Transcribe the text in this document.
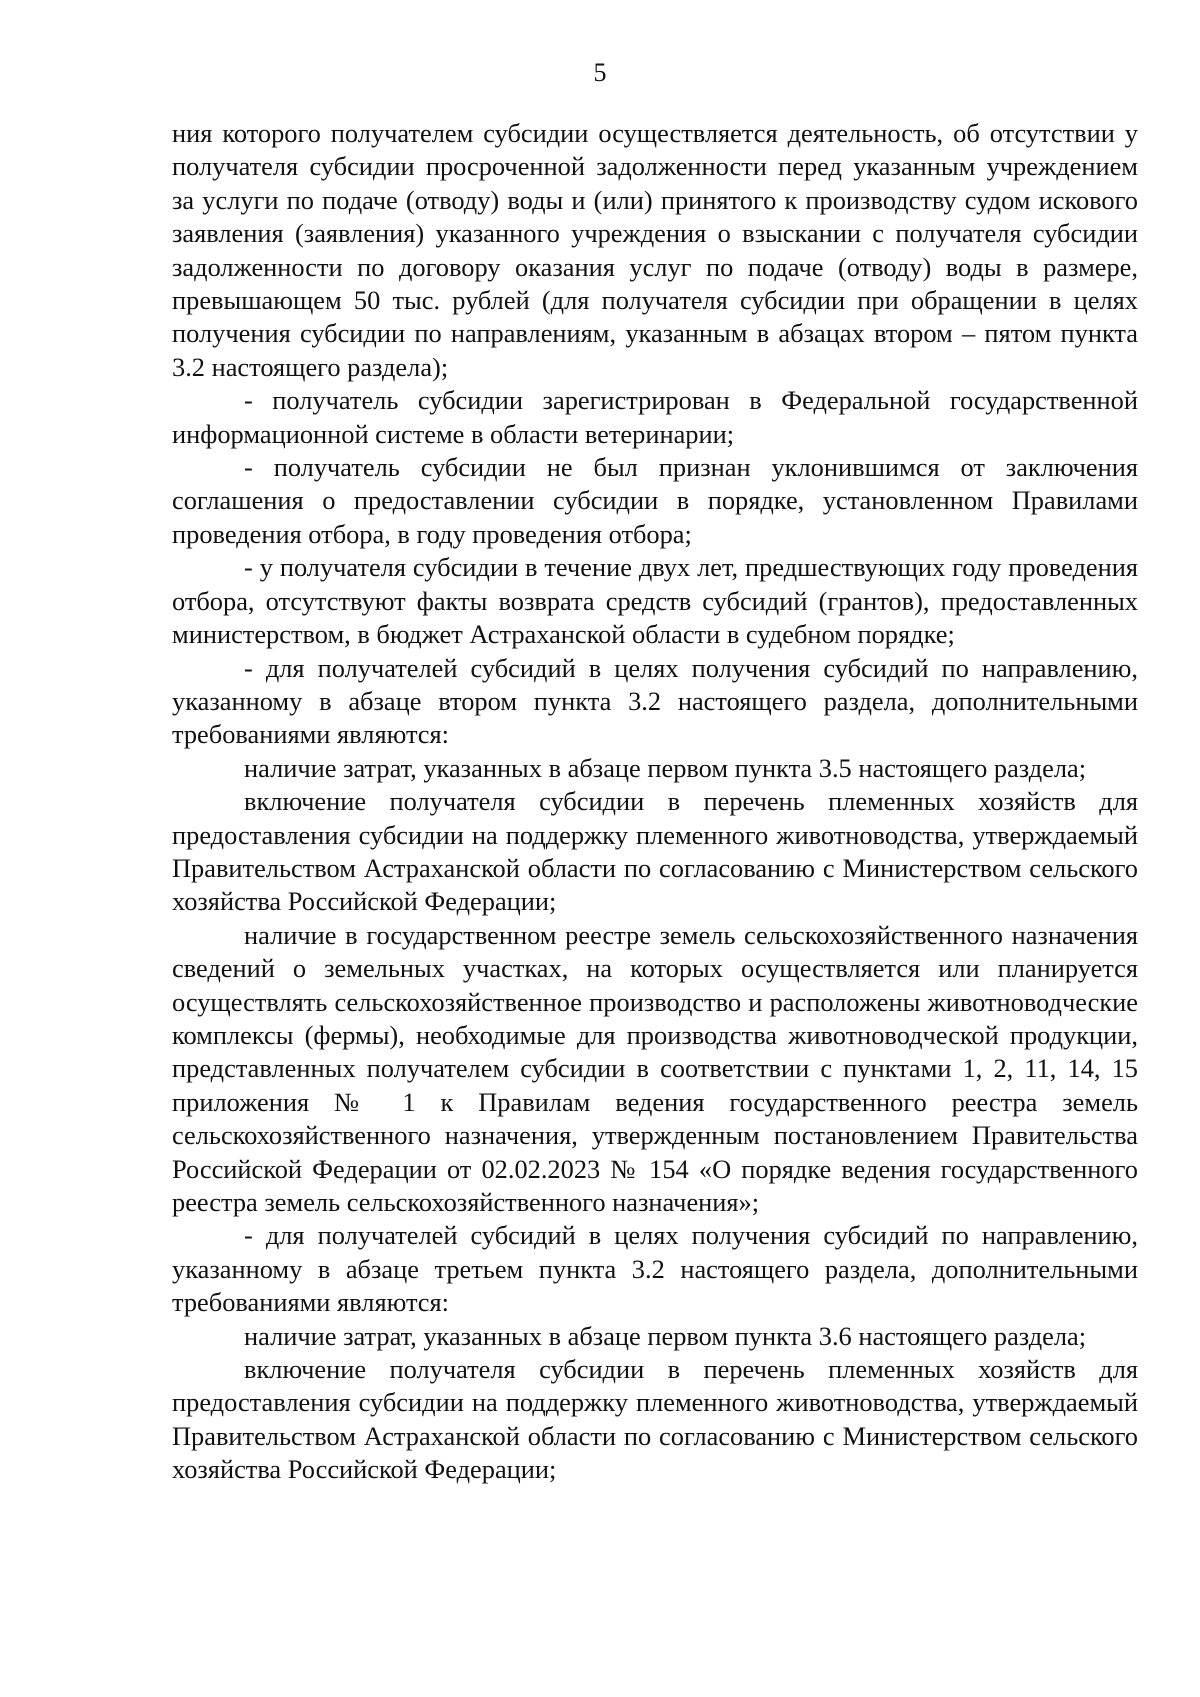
5

ния которого получателем субсидии осуществляется деятельность, об отсутствии у получателя субсидии просроченной задолженности перед указанным учреждением за услуги по подаче (отводу) воды и (или) принятого к производству судом искового заявления (заявления) указанного учреждения о взыскании с получателя субсидии задолженности по договору оказания услуг по подаче (отводу) воды в размере, превышающем 50 тыс. рублей (для получателя субсидии при обращении в целях получения субсидии по направлениям, указанным в абзацах втором – пятом пункта 3.2 настоящего раздела);

- получатель субсидии зарегистрирован в Федеральной государственной информационной системе в области ветеринарии;

- получатель субсидии не был признан уклонившимся от заключения соглашения о предоставлении субсидии в порядке, установленном Правилами проведения отбора, в году проведения отбора;

- у получателя субсидии в течение двух лет, предшествующих году проведения отбора, отсутствуют факты возврата средств субсидий (грантов), предоставленных министерством, в бюджет Астраханской области в судебном порядке;

- для получателей субсидий в целях получения субсидий по направлению, указанному в абзаце втором пункта 3.2 настоящего раздела, дополнительными требованиями являются:

наличие затрат, указанных в абзаце первом пункта 3.5 настоящего раздела;

включение получателя субсидии в перечень племенных хозяйств для предоставления субсидии на поддержку племенного животноводства, утверждаемый Правительством Астраханской области по согласованию с Министерством сельского хозяйства Российской Федерации;

наличие в государственном реестре земель сельскохозяйственного назначения сведений о земельных участках, на которых осуществляется или планируется осуществлять сельскохозяйственное производство и расположены животноводческие комплексы (фермы), необходимые для производства животноводческой продукции, представленных получателем субсидии в соответствии с пунктами 1, 2, 11, 14, 15 приложения № 1 к Правилам ведения государственного реестра земель сельскохозяйственного назначения, утвержденным постановлением Правительства Российской Федерации от 02.02.2023 № 154 «О порядке ведения государственного реестра земель сельскохозяйственного назначения»;

- для получателей субсидий в целях получения субсидий по направлению, указанному в абзаце третьем пункта 3.2 настоящего раздела, дополнительными требованиями являются:

наличие затрат, указанных в абзаце первом пункта 3.6 настоящего раздела;

включение получателя субсидии в перечень племенных хозяйств для предоставления субсидии на поддержку племенного животноводства, утверждаемый Правительством Астраханской области по согласованию с Министерством сельского хозяйства Российской Федерации;
